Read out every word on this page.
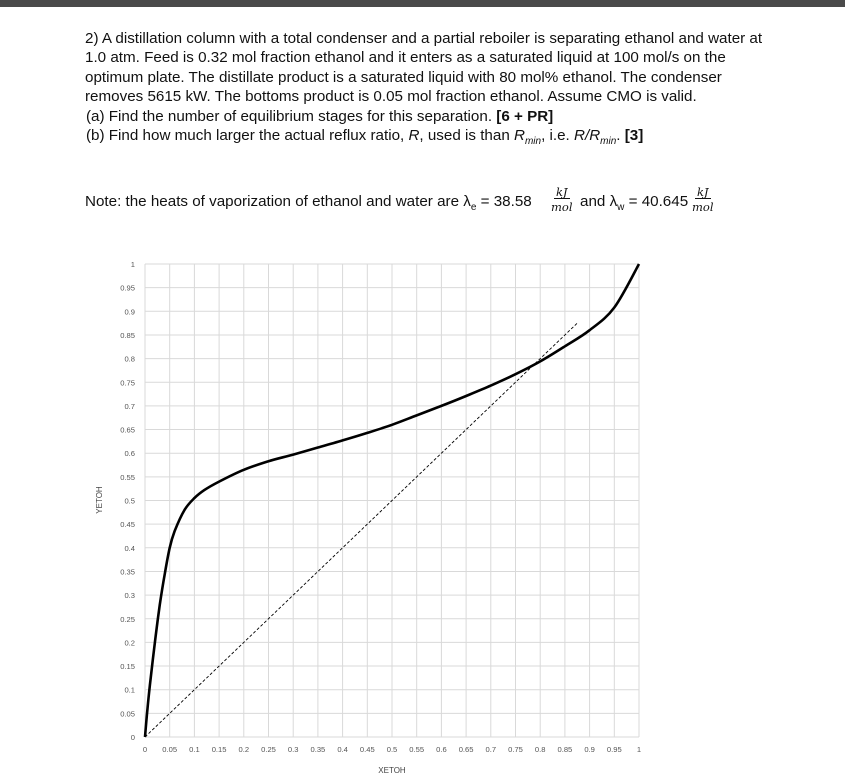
2) A distillation column with a total condenser and a partial reboiler is separating ethanol and water at 1.0 atm. Feed is 0.32 mol fraction ethanol and it enters as a saturated liquid at 100 mol/s on the optimum plate. The distillate product is a saturated liquid with 80 mol% ethanol. The condenser removes 5615 kW. The bottoms product is 0.05 mol fraction ethanol. Assume CMO is valid.

(a) Find the number of equilibrium stages for this separation. [6 + PR]

(b) Find how much larger the actual reflux ratio, R, used is than $R_{min}$, i.e. $R/R_{min}$. [3]

Note: the heats of vaporization of ethanol and water are $\lambda_e = 38.58$
kJ
mol and $\lambda_w = 40.645$
kJ
mol
0 0.05 0.1 0.15 0.2 0.25 0.3 0.35 0.4 0.45 0.5 0.55 0.6 0.65 0.7 0.75 0.8 0.85 0.9 0.95 1
0
0.05
0.1
0.15
0.2
0.25
0.3
0.35
0.4
0.45
0.5
0.55
0.6
0.65
0.7
0.75
0.8
0.85
0.9
0.95
1
XETOH
YETOH
